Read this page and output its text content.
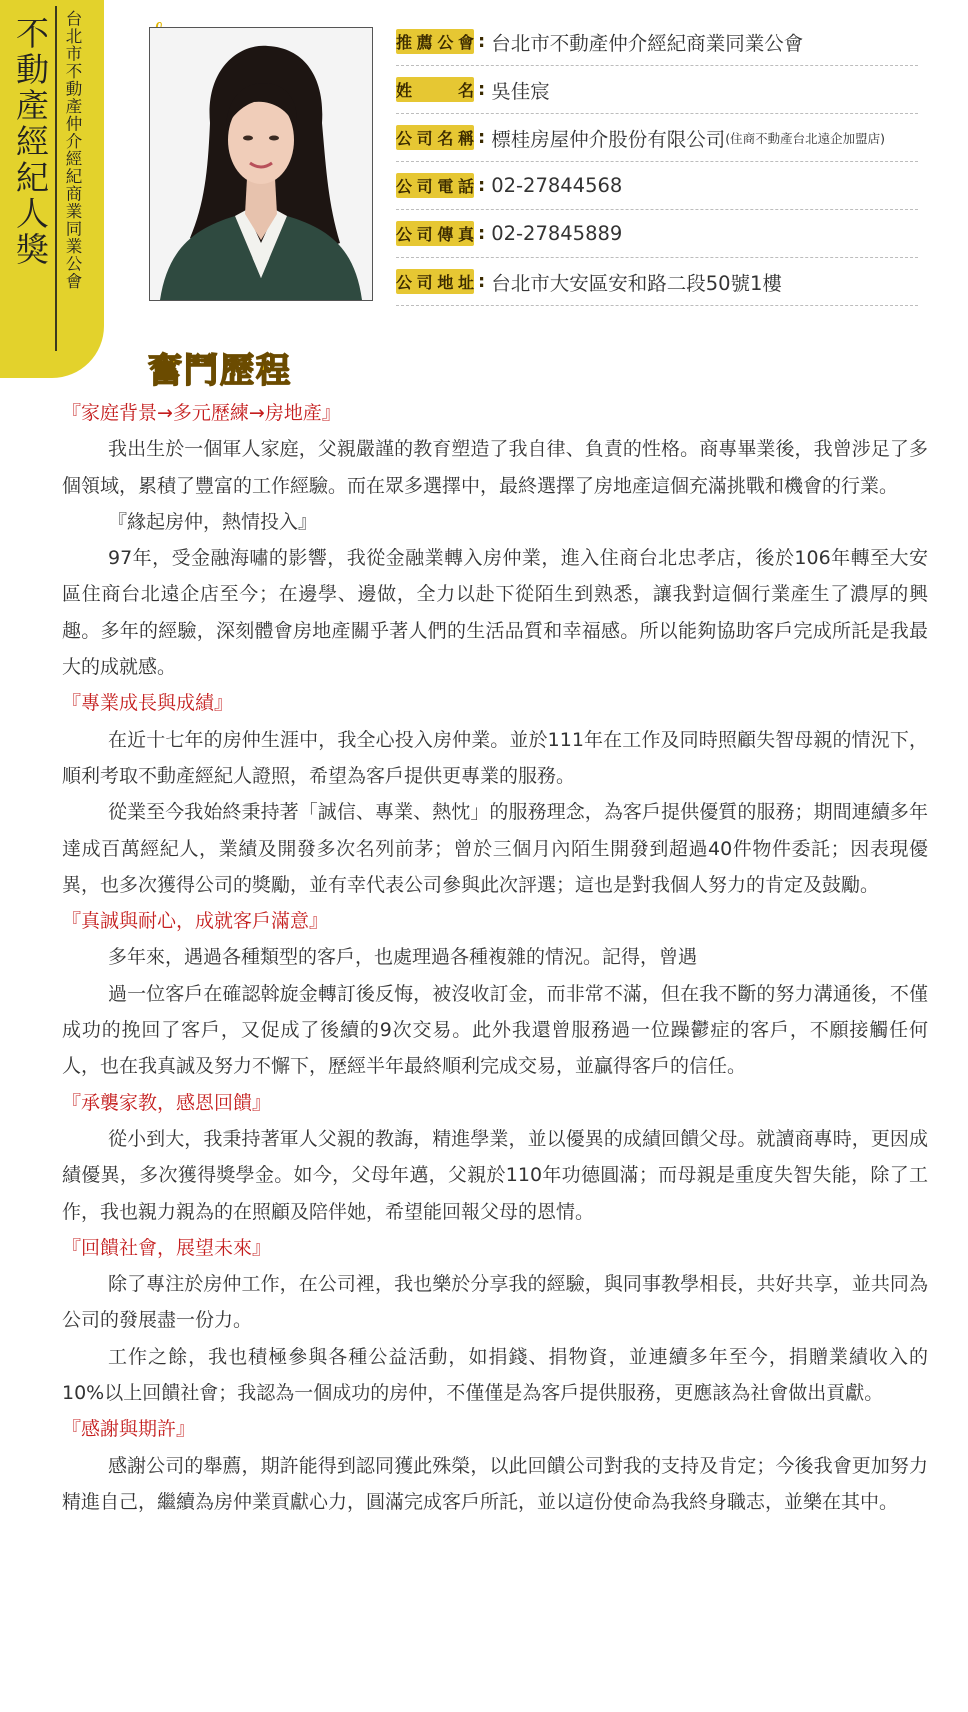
不動產經紀人獎 台北市不動產仲介經紀商業同業公會	推薦公會 : 台北市不動產仲介經紀商業同業公會
姓　　名 : 吳佳宸
公司名稱 : 標桂房屋仲介股份有限公司 (住商不動產台北遠企加盟店)
公司電話 : 02-27844568
公司傳真 : 02-27845889
公司地址 : 台北市大安區安和路二段50號1樓
奮鬥歷程

『家庭背景→多元歷練→房地產』

我出生於一個軍人家庭，父親嚴謹的教育塑造了我自律、負責的性格。商專畢業後，我曾涉足了多個領域，累積了豐富的工作經驗。而在眾多選擇中，最終選擇了房地產這個充滿挑戰和機會的行業。

『緣起房仲，熱情投入』

97年，受金融海嘯的影響，我從金融業轉入房仲業，進入住商台北忠孝店，後於106年轉至大安區住商台北遠企店至今；在邊學、邊做，全力以赴下從陌生到熟悉，讓我對這個行業產生了濃厚的興趣。多年的經驗，深刻體會房地產關乎著人們的生活品質和幸福感。所以能夠協助客戶完成所託是我最大的成就感。

『專業成長與成績』

在近十七年的房仲生涯中，我全心投入房仲業。並於111年在工作及同時照顧失智母親的情況下，順利考取不動產經紀人證照，希望為客戶提供更專業的服務。

從業至今我始終秉持著「誠信、專業、熱忱」的服務理念，為客戶提供優質的服務；期間連續多年達成百萬經紀人，業績及開發多次名列前茅；曾於三個月內陌生開發到超過40件物件委託；因表現優異，也多次獲得公司的獎勵，並有幸代表公司參與此次評選；這也是對我個人努力的肯定及鼓勵。

『真誠與耐心，成就客戶滿意』

多年來，遇過各種類型的客戶，也處理過各種複雜的情況。記得，曾遇

過一位客戶在確認斡旋金轉訂後反悔，被沒收訂金，而非常不滿，但在我不斷的努力溝通後，不僅成功的挽回了客戶，又促成了後續的9次交易。此外我還曾服務過一位躁鬱症的客戶，不願接觸任何人，也在我真誠及努力不懈下，歷經半年最終順利完成交易，並贏得客戶的信任。

『承襲家教，感恩回饋』

從小到大，我秉持著軍人父親的教誨，精進學業，並以優異的成績回饋父母。就讀商專時，更因成績優異，多次獲得獎學金。如今，父母年邁，父親於110年功德圓滿；而母親是重度失智失能，除了工作，我也親力親為的在照顧及陪伴她，希望能回報父母的恩情。

『回饋社會，展望未來』

除了專注於房仲工作，在公司裡，我也樂於分享我的經驗，與同事教學相長，共好共享，並共同為公司的發展盡一份力。

工作之餘，我也積極參與各種公益活動，如捐錢、捐物資，並連續多年至今，捐贈業績收入的10%以上回饋社會；我認為一個成功的房仲，不僅僅是為客戶提供服務，更應該為社會做出貢獻。

『感謝與期許』

感謝公司的舉薦，期許能得到認同獲此殊榮，以此回饋公司對我的支持及肯定；今後我會更加努力精進自己，繼續為房仲業貢獻心力，圓滿完成客戶所託，並以這份使命為我終身職志，並樂在其中。
